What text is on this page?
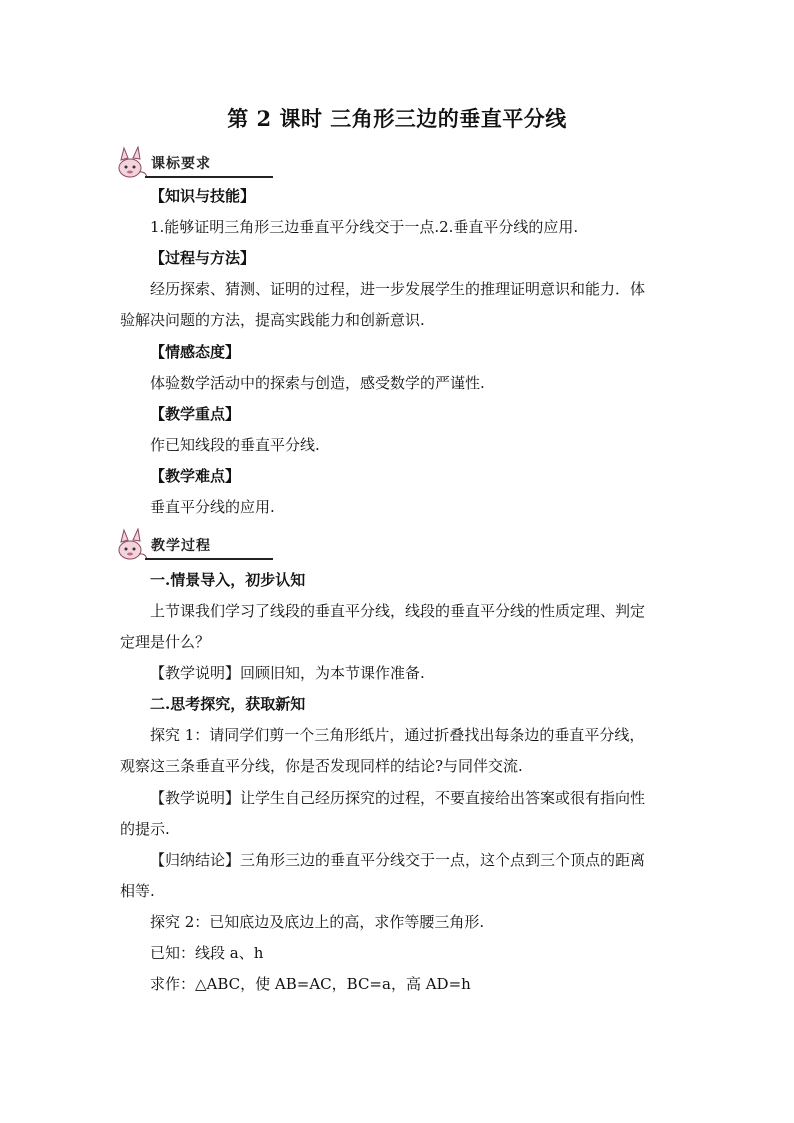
第 2 课时 三角形三边的垂直平分线
课标要求
【知识与技能】
1.能够证明三角形三边垂直平分线交于一点.2.垂直平分线的应用.
【过程与方法】
经历探索、猜测、证明的过程，进一步发展学生的推理证明意识和能力．体
验解决问题的方法，提高实践能力和创新意识.
【情感态度】
体验数学活动中的探索与创造，感受数学的严谨性.
【教学重点】
作已知线段的垂直平分线.
【教学难点】
垂直平分线的应用.
教学过程
一.情景导入，初步认知
上节课我们学习了线段的垂直平分线，线段的垂直平分线的性质定理、判定
定理是什么？
【教学说明】回顾旧知，为本节课作准备.
二.思考探究，获取新知
探究 1：请同学们剪一个三角形纸片，通过折叠找出每条边的垂直平分线，
观察这三条垂直平分线，你是否发现同样的结论?与同伴交流.
【教学说明】让学生自己经历探究的过程，不要直接给出答案或很有指向性
的提示.
【归纳结论】三角形三边的垂直平分线交于一点，这个点到三个顶点的距离
相等.
探究 2：已知底边及底边上的高，求作等腰三角形.
已知：线段 a、h
求作：△ABC，使 AB=AC，BC=a，高 AD=h
